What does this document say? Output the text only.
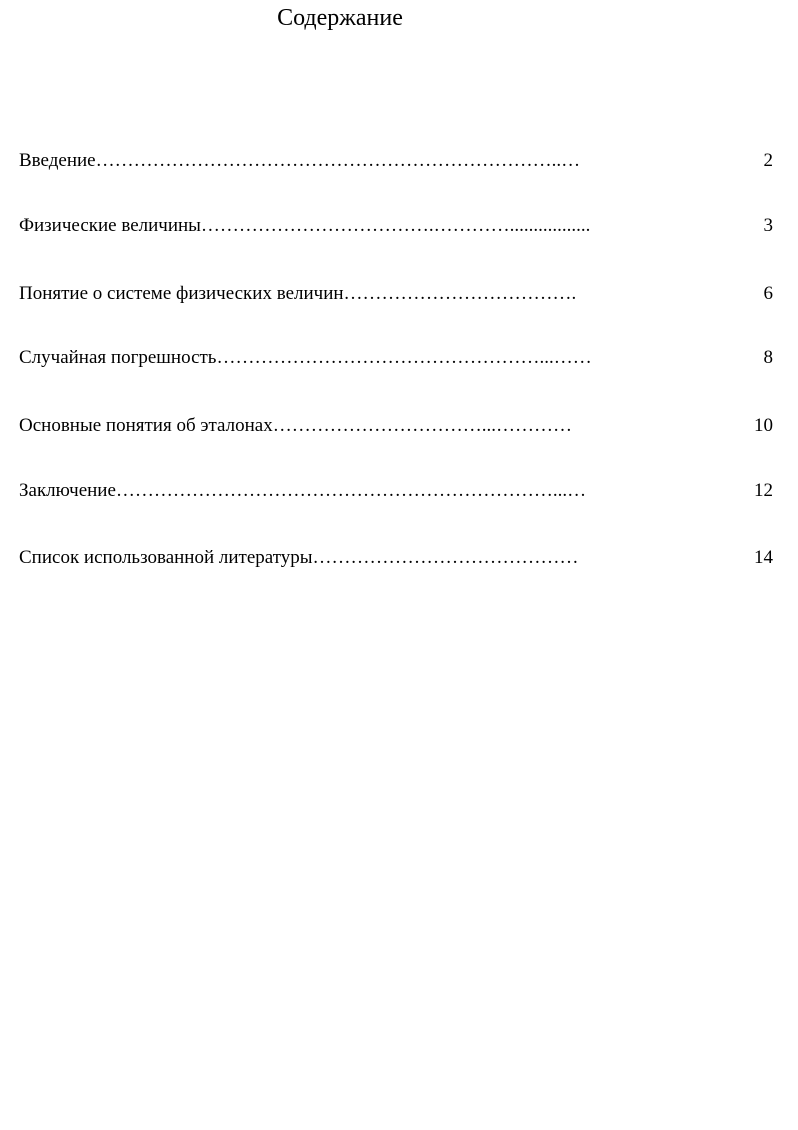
Содержание
Введение………………………………………………………………..…	2
Физические величины……………………………….………….................	3
Понятие о системе физических величин……………………………….	6
Случайная погрешность……………………………………………...……	8
Основные понятия об эталонах……………………………...…………	10
Заключение……………………………………………………………...…	12
Список использованной литературы……………………………………	14
